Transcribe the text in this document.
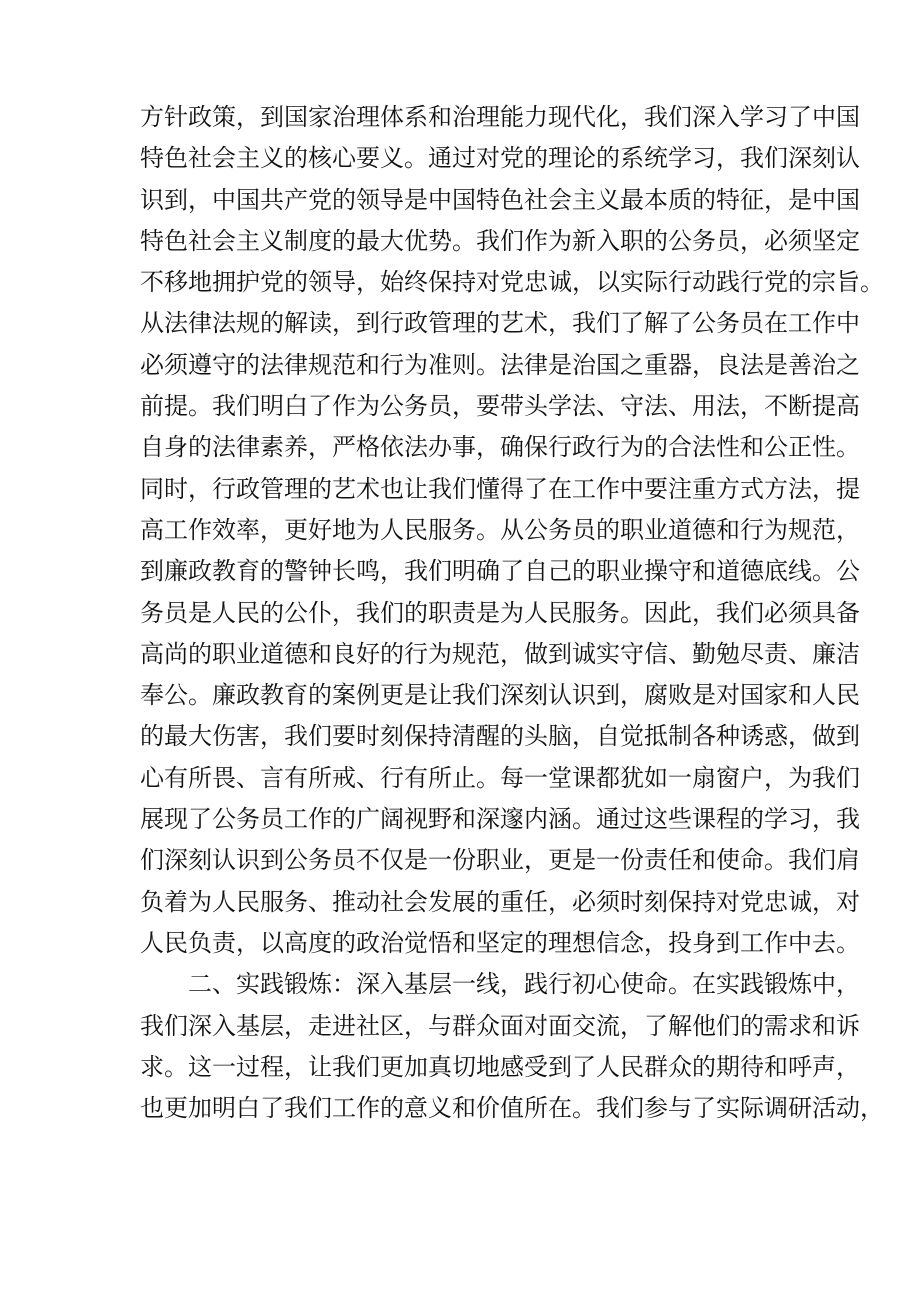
方针政策，到国家治理体系和治理能力现代化，我们深入学习了中国
特色社会主义的核心要义。通过对党的理论的系统学习，我们深刻认
识到，中国共产党的领导是中国特色社会主义最本质的特征，是中国
特色社会主义制度的最大优势。我们作为新入职的公务员，必须坚定
不移地拥护党的领导，始终保持对党忠诚，以实际行动践行党的宗旨。
从法律法规的解读，到行政管理的艺术，我们了解了公务员在工作中
必须遵守的法律规范和行为准则。法律是治国之重器，良法是善治之
前提。我们明白了作为公务员，要带头学法、守法、用法，不断提高
自身的法律素养，严格依法办事，确保行政行为的合法性和公正性。
同时，行政管理的艺术也让我们懂得了在工作中要注重方式方法，提
高工作效率，更好地为人民服务。从公务员的职业道德和行为规范，
到廉政教育的警钟长鸣，我们明确了自己的职业操守和道德底线。公
务员是人民的公仆，我们的职责是为人民服务。因此，我们必须具备
高尚的职业道德和良好的行为规范，做到诚实守信、勤勉尽责、廉洁
奉公。廉政教育的案例更是让我们深刻认识到，腐败是对国家和人民
的最大伤害，我们要时刻保持清醒的头脑，自觉抵制各种诱惑，做到
心有所畏、言有所戒、行有所止。每一堂课都犹如一扇窗户，为我们
展现了公务员工作的广阔视野和深邃内涵。通过这些课程的学习，我
们深刻认识到公务员不仅是一份职业，更是一份责任和使命。我们肩
负着为人民服务、推动社会发展的重任，必须时刻保持对党忠诚，对
人民负责，以高度的政治觉悟和坚定的理想信念，投身到工作中去。
二、实践锻炼：深入基层一线，践行初心使命。在实践锻炼中，
我们深入基层，走进社区，与群众面对面交流，了解他们的需求和诉
求。这一过程，让我们更加真切地感受到了人民群众的期待和呼声，
也更加明白了我们工作的意义和价值所在。我们参与了实际调研活动，
